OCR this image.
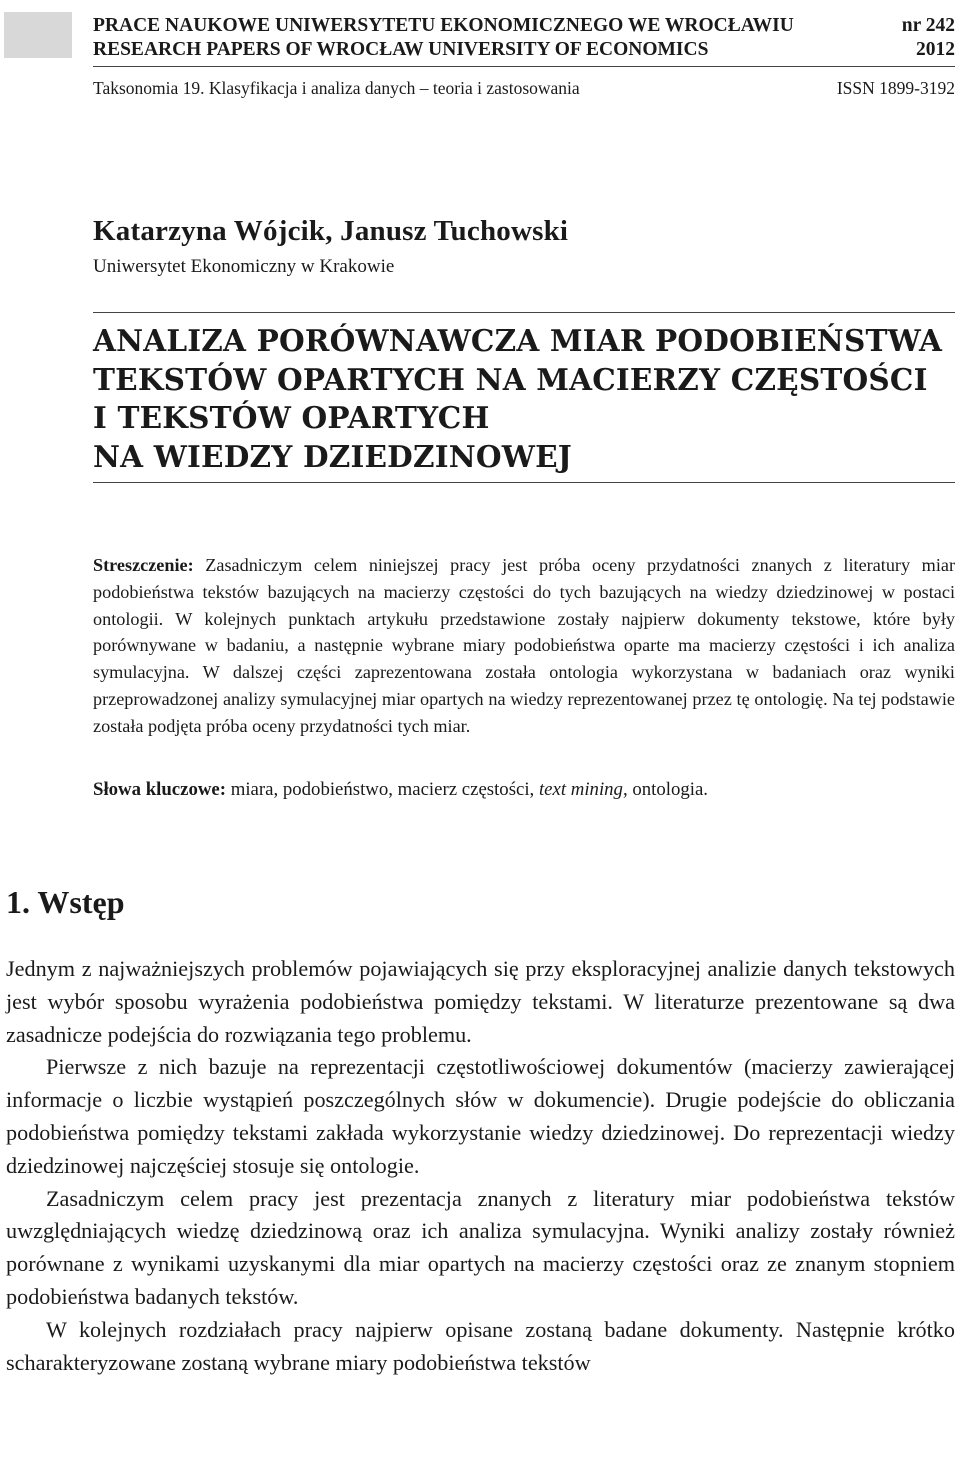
PRACE NAUKOWE UNIWERSYTETU EKONOMICZNEGO WE WROCŁAWIU	nr 242
RESEARCH PAPERS OF WROCŁAW UNIVERSITY OF ECONOMICS	2012
Taksonomia 19. Klasyfikacja i analiza danych – teoria i zastosowania	ISSN 1899-3192
Katarzyna Wójcik, Janusz Tuchowski
Uniwersytet Ekonomiczny w Krakowie
ANALIZA PORÓWNAWCZA MIAR PODOBIEŃSTWA
TEKSTÓW OPARTYCH NA MACIERZY CZĘSTOŚCI
I TEKSTÓW OPARTYCH
NA WIEDZY DZIEDZINOWEJ

Streszczenie: Zasadniczym celem niniejszej pracy jest próba oceny przydatności znanych z literatury miar podobieństwa tekstów bazujących na macierzy częstości do tych bazujących na wiedzy dziedzinowej w postaci ontologii. W kolejnych punktach artykułu przedstawione zostały najpierw dokumenty tekstowe, które były porównywane w badaniu, a następnie wybrane miary podobieństwa oparte ma macierzy częstości i ich analiza symulacyjna. W dalszej części zaprezentowana została ontologia wykorzystana w badaniach oraz wyniki przeprowadzonej analizy symulacyjnej miar opartych na wiedzy reprezentowanej przez tę ontologię. Na tej podstawie została podjęta próba oceny przydatności tych miar.

Słowa kluczowe: miara, podobieństwo, macierz częstości, text mining, ontologia.
1. Wstęp

Jednym z najważniejszych problemów pojawiających się przy eksploracyjnej analizie danych tekstowych jest wybór sposobu wyrażenia podobieństwa pomiędzy tekstami. W literaturze prezentowane są dwa zasadnicze podejścia do rozwiązania tego problemu.

Pierwsze z nich bazuje na reprezentacji częstotliwościowej dokumentów (macierzy zawierającej informacje o liczbie wystąpień poszczególnych słów w dokumencie). Drugie podejście do obliczania podobieństwa pomiędzy tekstami zakłada wykorzystanie wiedzy dziedzinowej. Do reprezentacji wiedzy dziedzinowej najczęściej stosuje się ontologie.

Zasadniczym celem pracy jest prezentacja znanych z literatury miar podobieństwa tekstów uwzględniających wiedzę dziedzinową oraz ich analiza symulacyjna. Wyniki analizy zostały również porównane z wynikami uzyskanymi dla miar opartych na macierzy częstości oraz ze znanym stopniem podobieństwa badanych tekstów.

W kolejnych rozdziałach pracy najpierw opisane zostaną badane dokumenty. Następnie krótko scharakteryzowane zostaną wybrane miary podobieństwa tekstów
